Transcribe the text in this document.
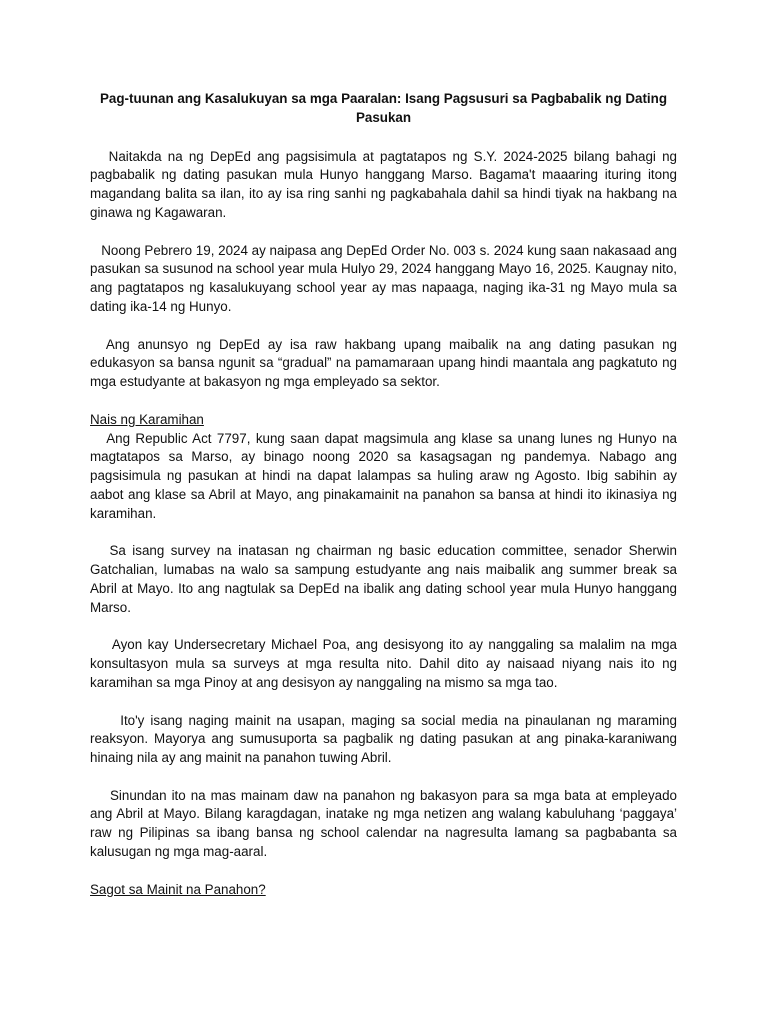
Pag-tuunan ang Kasalukuyan sa mga Paaralan: Isang Pagsusuri sa Pagbabalik ng Dating Pasukan

Naitakda na ng DepEd ang pagsisimula at pagtatapos ng S.Y. 2024-2025 bilang bahagi ng pagbabalik ng dating pasukan mula Hunyo hanggang Marso. Bagama't maaaring ituring itong magandang balita sa ilan, ito ay isa ring sanhi ng pagkabahala dahil sa hindi tiyak na hakbang na ginawa ng Kagawaran.

Noong Pebrero 19, 2024 ay naipasa ang DepEd Order No. 003 s. 2024 kung saan nakasaad ang pasukan sa susunod na school year mula Hulyo 29, 2024 hanggang Mayo 16, 2025. Kaugnay nito, ang pagtatapos ng kasalukuyang school year ay mas napaaga, naging ika-31 ng Mayo mula sa dating ika-14 ng Hunyo.

Ang anunsyo ng DepEd ay isa raw hakbang upang maibalik na ang dating pasukan ng edukasyon sa bansa ngunit sa “gradual” na pamamaraan upang hindi maantala ang pagkatuto ng mga estudyante at bakasyon ng mga empleyado sa sektor.

Nais ng Karamihan

Ang Republic Act 7797, kung saan dapat magsimula ang klase sa unang lunes ng Hunyo na magtatapos sa Marso, ay binago noong 2020 sa kasagsagan ng pandemya. Nabago ang pagsisimula ng pasukan at hindi na dapat lalampas sa huling araw ng Agosto. Ibig sabihin ay aabot ang klase sa Abril at Mayo, ang pinakamainit na panahon sa bansa at hindi ito ikinasiya ng karamihan.

Sa isang survey na inatasan ng chairman ng basic education committee, senador Sherwin Gatchalian, lumabas na walo sa sampung estudyante ang nais maibalik ang summer break sa Abril at Mayo. Ito ang nagtulak sa DepEd na ibalik ang dating school year mula Hunyo hanggang Marso.

Ayon kay Undersecretary Michael Poa, ang desisyong ito ay nanggaling sa malalim na mga konsultasyon mula sa surveys at mga resulta nito. Dahil dito ay naisaad niyang nais ito ng karamihan sa mga Pinoy at ang desisyon ay nanggaling na mismo sa mga tao.

Ito'y isang naging mainit na usapan, maging sa social media na pinaulanan ng maraming reaksyon. Mayorya ang sumusuporta sa pagbalik ng dating pasukan at ang pinaka-karaniwang hinaing nila ay ang mainit na panahon tuwing Abril.

Sinundan ito na mas mainam daw na panahon ng bakasyon para sa mga bata at empleyado ang Abril at Mayo. Bilang karagdagan, inatake ng mga netizen ang walang kabuluhang ‘paggaya’ raw ng Pilipinas sa ibang bansa ng school calendar na nagresulta lamang sa pagbabanta sa kalusugan ng mga mag-aaral.

Sagot sa Mainit na Panahon?
